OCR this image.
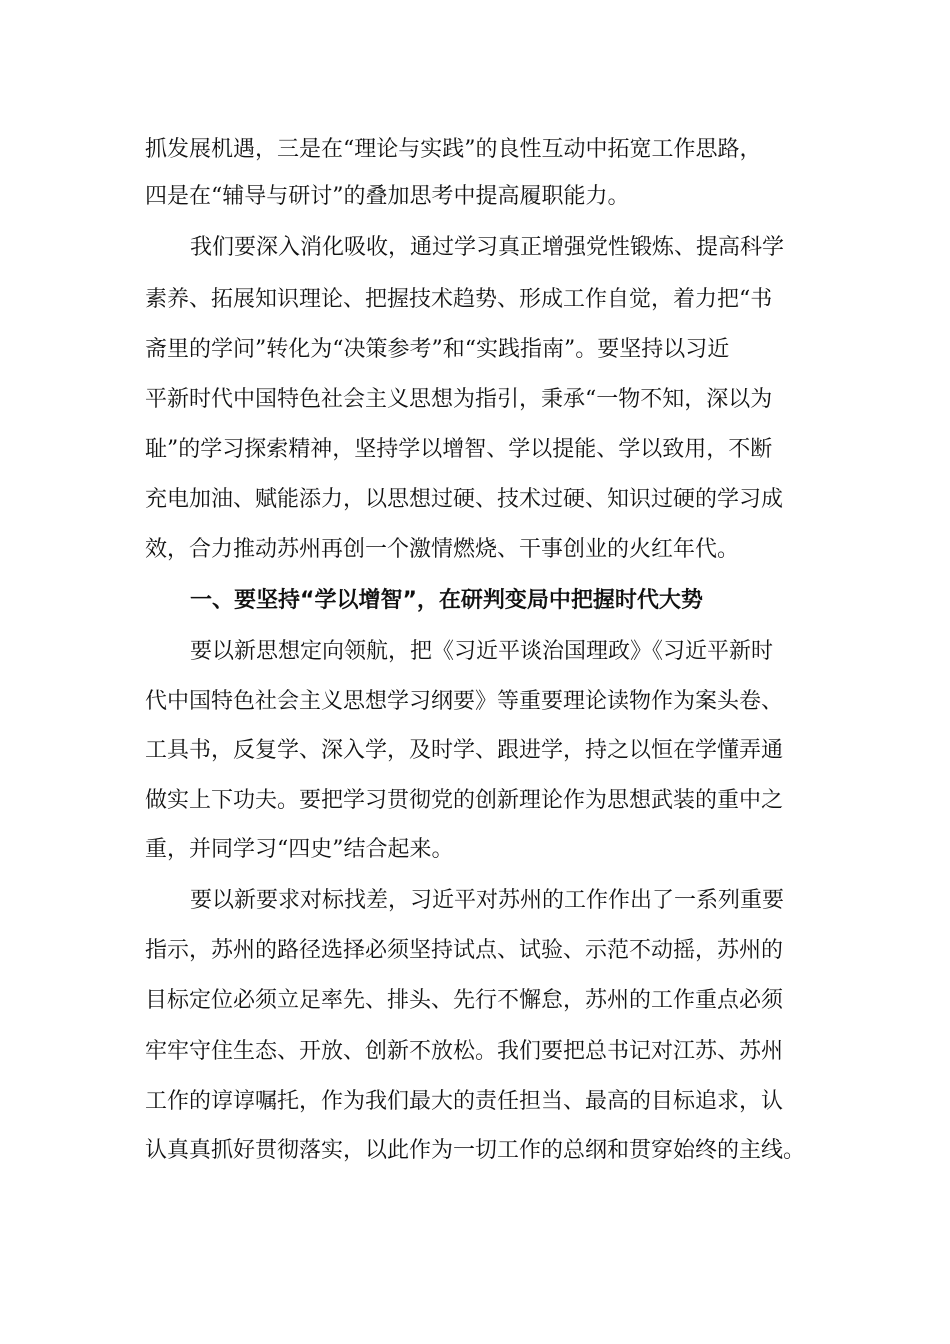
抓发展机遇，三是在“理论与实践”的良性互动中拓宽工作思路，
四是在“辅导与研讨”的叠加思考中提高履职能力。
我们要深入消化吸收，通过学习真正增强党性锻炼、提高科学
素养、拓展知识理论、把握技术趋势、形成工作自觉，着力把“书
斋里的学问”转化为“决策参考”和“实践指南”。要坚持以习近
平新时代中国特色社会主义思想为指引，秉承“一物不知，深以为
耻”的学习探索精神，坚持学以增智、学以提能、学以致用，不断
充电加油、赋能添力，以思想过硬、技术过硬、知识过硬的学习成
效，合力推动苏州再创一个激情燃烧、干事创业的火红年代。
一、要坚持“学以增智”，在研判变局中把握时代大势
要以新思想定向领航，把《习近平谈治国理政》《习近平新时
代中国特色社会主义思想学习纲要》等重要理论读物作为案头卷、
工具书，反复学、深入学，及时学、跟进学，持之以恒在学懂弄通
做实上下功夫。要把学习贯彻党的创新理论作为思想武装的重中之
重，并同学习“四史”结合起来。
要以新要求对标找差，习近平对苏州的工作作出了一系列重要
指示，苏州的路径选择必须坚持试点、试验、示范不动摇，苏州的
目标定位必须立足率先、排头、先行不懈怠，苏州的工作重点必须
牢牢守住生态、开放、创新不放松。我们要把总书记对江苏、苏州
工作的谆谆嘱托，作为我们最大的责任担当、最高的目标追求，认
认真真抓好贯彻落实，以此作为一切工作的总纲和贯穿始终的主线。
